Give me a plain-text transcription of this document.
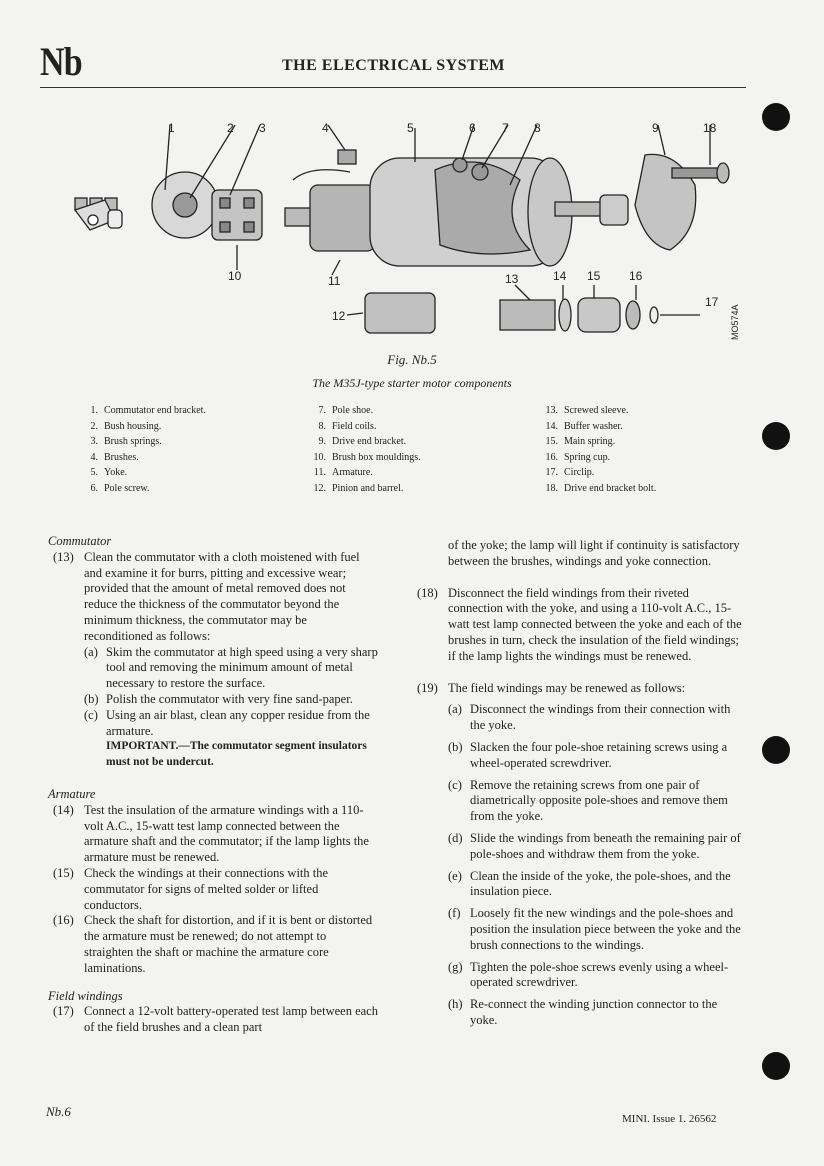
Nb	THE ELECTRICAL SYSTEM
1	2 3	4	5	6 7 8	9	18
10	11
12
13	14 15 16
17
MO574A
Fig. Nb.5
The M35J-type starter motor components
1. Commutator end bracket.
2. Bush housing.
3. Brush springs.
4. Brushes.
5. Yoke.
6. Pole screw.
7. Pole shoe.
8. Field coils.
9. Drive end bracket.
10. Brush box mouldings.
11. Armature.
12. Pinion and barrel.
13. Screwed sleeve.
14. Buffer washer.
15. Main spring.
16. Spring cup.
17. Circlip.
18. Drive end bracket bolt.

Commutator

(13) Clean the commutator with a cloth moistened with fuel and examine it for burrs, pitting and excessive wear; provided that the amount of metal removed does not reduce the thickness of the commutator beyond the minimum thickness, the commutator may be reconditioned as follows:

(a) Skim the commutator at high speed using a very sharp tool and removing the minimum amount of metal necessary to restore the surface.

(b) Polish the commutator with very fine sand-paper.

(c) Using an air blast, clean any copper residue from the armature.

IMPORTANT.—The commutator segment insulators must not be undercut.

Armature

(14) Test the insulation of the armature windings with a 110-volt A.C., 15-watt test lamp connected between the armature shaft and the commutator; if the lamp lights the armature must be renewed.

(15) Check the windings at their connections with the commutator for signs of melted solder or lifted conductors.

(16) Check the shaft for distortion, and if it is bent or distorted the armature must be renewed; do not attempt to straighten the shaft or machine the armature core laminations.

Field windings

(17) Connect a 12-volt battery-operated test lamp between each of the field brushes and a clean part

of the yoke; the lamp will light if continuity is satisfactory between the brushes, windings and yoke connection.

(18) Disconnect the field windings from their riveted connection with the yoke, and using a 110-volt A.C., 15-watt test lamp connected between the yoke and each of the brushes in turn, check the insulation of the field windings; if the lamp lights the windings must be renewed.

(19) The field windings may be renewed as follows:

(a) Disconnect the windings from their connection with the yoke.

(b) Slacken the four pole-shoe retaining screws using a wheel-operated screwdriver.

(c) Remove the retaining screws from one pair of diametrically opposite pole-shoes and remove them from the yoke.

(d) Slide the windings from beneath the remaining pair of pole-shoes and withdraw them from the yoke.

(e) Clean the inside of the yoke, the pole-shoes, and the insulation piece.

(f) Loosely fit the new windings and the pole-shoes and position the insulation piece between the yoke and the brush connections to the windings.

(g) Tighten the pole-shoe screws evenly using a wheel-operated screwdriver.

(h) Re-connect the winding junction connector to the yoke.

Nb.6	MINI. Issue 1. 26562
